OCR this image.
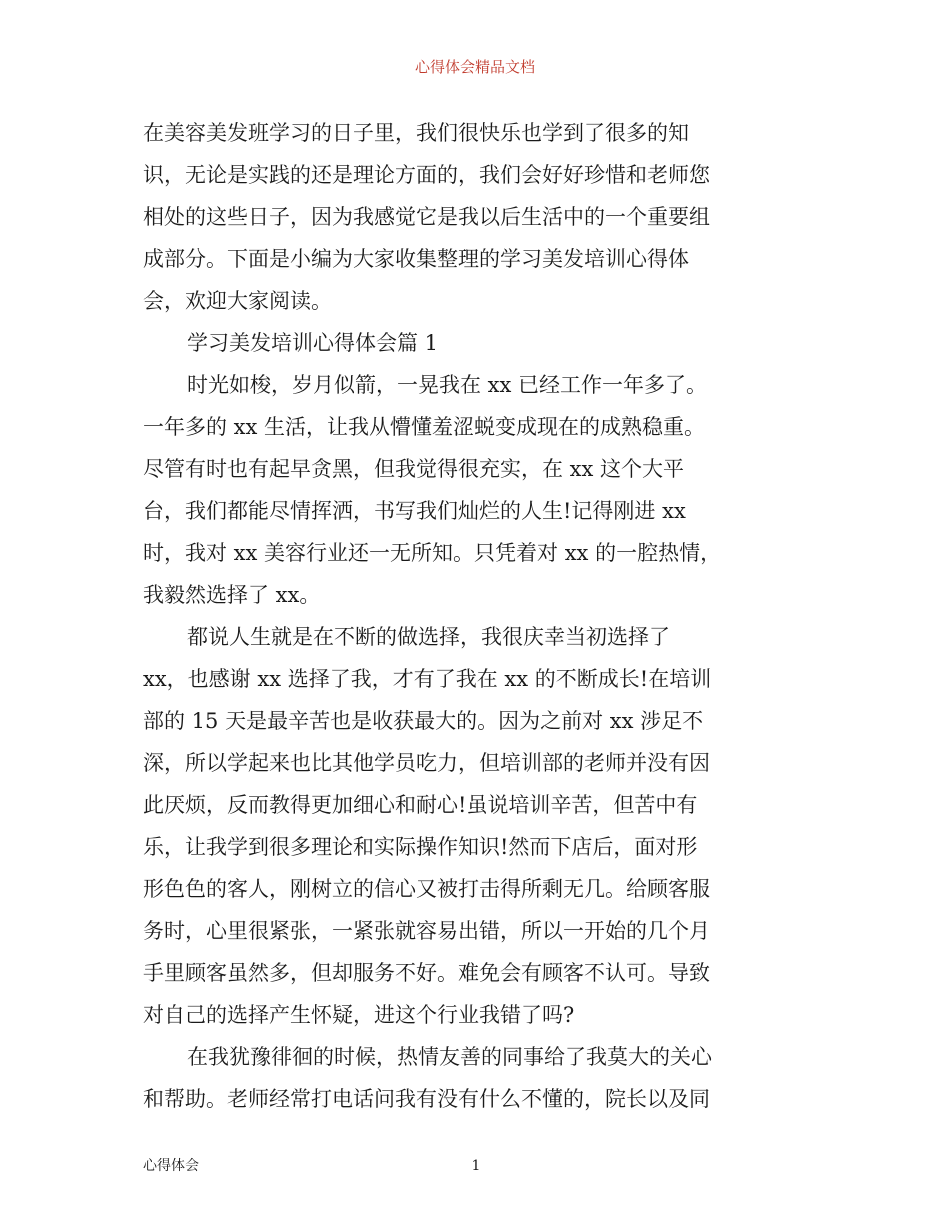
心得体会精品文档
在美容美发班学习的日子里，我们很快乐也学到了很多的知
识，无论是实践的还是理论方面的，我们会好好珍惜和老师您
相处的这些日子，因为我感觉它是我以后生活中的一个重要组
成部分。下面是小编为大家收集整理的学习美发培训心得体
会，欢迎大家阅读。
学习美发培训心得体会篇 1
时光如梭，岁月似箭，一晃我在 xx 已经工作一年多了。
一年多的 xx 生活，让我从懵懂羞涩蜕变成现在的成熟稳重。
尽管有时也有起早贪黑，但我觉得很充实，在 xx 这个大平
台，我们都能尽情挥洒，书写我们灿烂的人生!记得刚进 xx
时，我对 xx 美容行业还一无所知。只凭着对 xx 的一腔热情，
我毅然选择了 xx。
都说人生就是在不断的做选择，我很庆幸当初选择了
xx，也感谢 xx 选择了我，才有了我在 xx 的不断成长!在培训
部的 15 天是最辛苦也是收获最大的。因为之前对 xx 涉足不
深，所以学起来也比其他学员吃力，但培训部的老师并没有因
此厌烦，反而教得更加细心和耐心!虽说培训辛苦，但苦中有
乐，让我学到很多理论和实际操作知识!然而下店后，面对形
形色色的客人，刚树立的信心又被打击得所剩无几。给顾客服
务时，心里很紧张，一紧张就容易出错，所以一开始的几个月
手里顾客虽然多，但却服务不好。难免会有顾客不认可。导致
对自己的选择产生怀疑，进这个行业我错了吗?
在我犹豫徘徊的时候，热情友善的同事给了我莫大的关心
和帮助。老师经常打电话问我有没有什么不懂的，院长以及同
心得体会	1
